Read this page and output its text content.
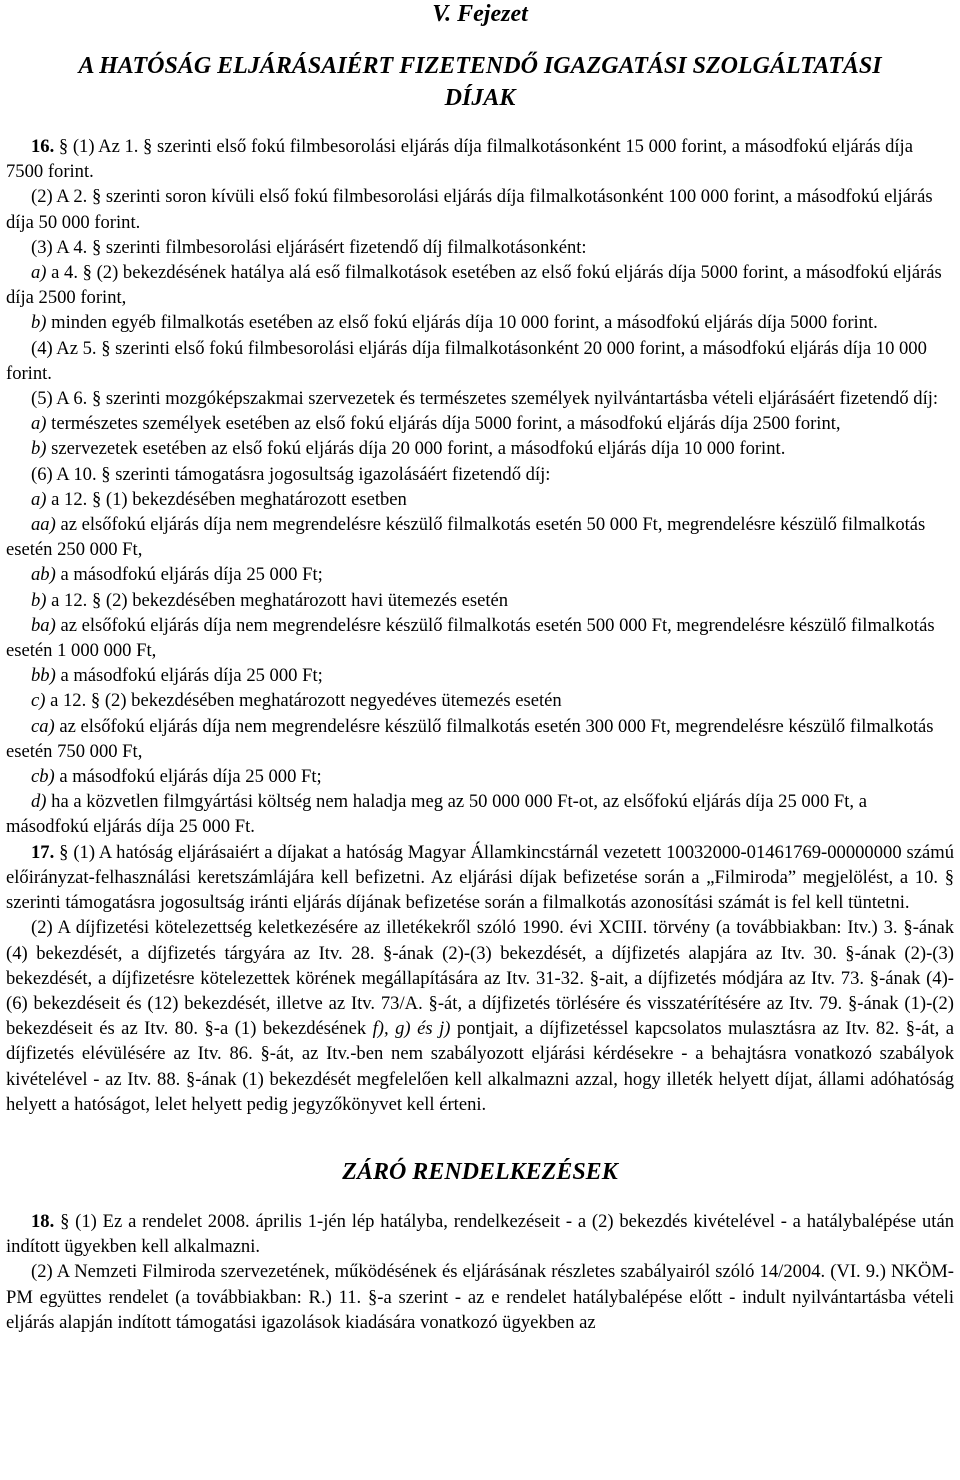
V. Fejezet
A HATÓSÁG ELJÁRÁSAIÉRT FIZETENDŐ IGAZGATÁSI SZOLGÁLTATÁSI
DÍJAK

16. § (1) Az 1. § szerinti első fokú filmbesorolási eljárás díja filmalkotásonként 15 000 forint, a másodfokú eljárás díja 7500 forint.

(2) A 2. § szerinti soron kívüli első fokú filmbesorolási eljárás díja filmalkotásonként 100 000 forint, a másodfokú eljárás díja 50 000 forint.

(3) A 4. § szerinti filmbesorolási eljárásért fizetendő díj filmalkotásonként:

a) a 4. § (2) bekezdésének hatálya alá eső filmalkotások esetében az első fokú eljárás díja 5000 forint, a másodfokú eljárás díja 2500 forint,

b) minden egyéb filmalkotás esetében az első fokú eljárás díja 10 000 forint, a másodfokú eljárás díja 5000 forint.

(4) Az 5. § szerinti első fokú filmbesorolási eljárás díja filmalkotásonként 20 000 forint, a másodfokú eljárás díja 10 000 forint.

(5) A 6. § szerinti mozgóképszakmai szervezetek és természetes személyek nyilvántartásba vételi eljárásáért fizetendő díj:

a) természetes személyek esetében az első fokú eljárás díja 5000 forint, a másodfokú eljárás díja 2500 forint,

b) szervezetek esetében az első fokú eljárás díja 20 000 forint, a másodfokú eljárás díja 10 000 forint.

(6) A 10. § szerinti támogatásra jogosultság igazolásáért fizetendő díj:

a) a 12. § (1) bekezdésében meghatározott esetben

aa) az elsőfokú eljárás díja nem megrendelésre készülő filmalkotás esetén 50 000 Ft, megrendelésre készülő filmalkotás esetén 250 000 Ft,

ab) a másodfokú eljárás díja 25 000 Ft;

b) a 12. § (2) bekezdésében meghatározott havi ütemezés esetén

ba) az elsőfokú eljárás díja nem megrendelésre készülő filmalkotás esetén 500 000 Ft, megrendelésre készülő filmalkotás esetén 1 000 000 Ft,

bb) a másodfokú eljárás díja 25 000 Ft;

c) a 12. § (2) bekezdésében meghatározott negyedéves ütemezés esetén

ca) az elsőfokú eljárás díja nem megrendelésre készülő filmalkotás esetén 300 000 Ft, megrendelésre készülő filmalkotás esetén 750 000 Ft,

cb) a másodfokú eljárás díja 25 000 Ft;

d) ha a közvetlen filmgyártási költség nem haladja meg az 50 000 000 Ft-ot, az elsőfokú eljárás díja 25 000 Ft, a másodfokú eljárás díja 25 000 Ft.

17. § (1) A hatóság eljárásaiért a díjakat a hatóság Magyar Államkincstárnál vezetett 10032000-01461769-00000000 számú előirányzat-felhasználási keretszámlájára kell befizetni. Az eljárási díjak befizetése során a „Filmiroda” megjelölést, a 10. § szerinti támogatásra jogosultság iránti eljárás díjának befizetése során a filmalkotás azonosítási számát is fel kell tüntetni.

(2) A díjfizetési kötelezettség keletkezésére az illetékekről szóló 1990. évi XCIII. törvény (a továbbiakban: Itv.) 3. §-ának (4) bekezdését, a díjfizetés tárgyára az Itv. 28. §-ának (2)-(3) bekezdését, a díjfizetés alapjára az Itv. 30. §-ának (2)-(3) bekezdését, a díjfizetésre kötelezettek körének megállapítására az Itv. 31-32. §-ait, a díjfizetés módjára az Itv. 73. §-ának (4)-(6) bekezdéseit és (12) bekezdését, illetve az Itv. 73/A. §-át, a díjfizetés törlésére és visszatérítésére az Itv. 79. §-ának (1)-(2) bekezdéseit és az Itv. 80. §-a (1) bekezdésének f), g) és j) pontjait, a díjfizetéssel kapcsolatos mulasztásra az Itv. 82. §-át, a díjfizetés elévülésére az Itv. 86. §-át, az Itv.-ben nem szabályozott eljárási kérdésekre - a behajtásra vonatkozó szabályok kivételével - az Itv. 88. §-ának (1) bekezdését megfelelően kell alkalmazni azzal, hogy illeték helyett díjat, állami adóhatóság helyett a hatóságot, lelet helyett pedig jegyzőkönyvet kell érteni.

ZÁRÓ RENDELKEZÉSEK

18. § (1) Ez a rendelet 2008. április 1-jén lép hatályba, rendelkezéseit - a (2) bekezdés kivételével - a hatálybalépése után indított ügyekben kell alkalmazni.

(2) A Nemzeti Filmiroda szervezetének, működésének és eljárásának részletes szabályairól szóló 14/2004. (VI. 9.) NKÖM-PM együttes rendelet (a továbbiakban: R.) 11. §-a szerint - az e rendelet hatálybalépése előtt - indult nyilvántartásba vételi eljárás alapján indított támogatási igazolások kiadására vonatkozó ügyekben az
